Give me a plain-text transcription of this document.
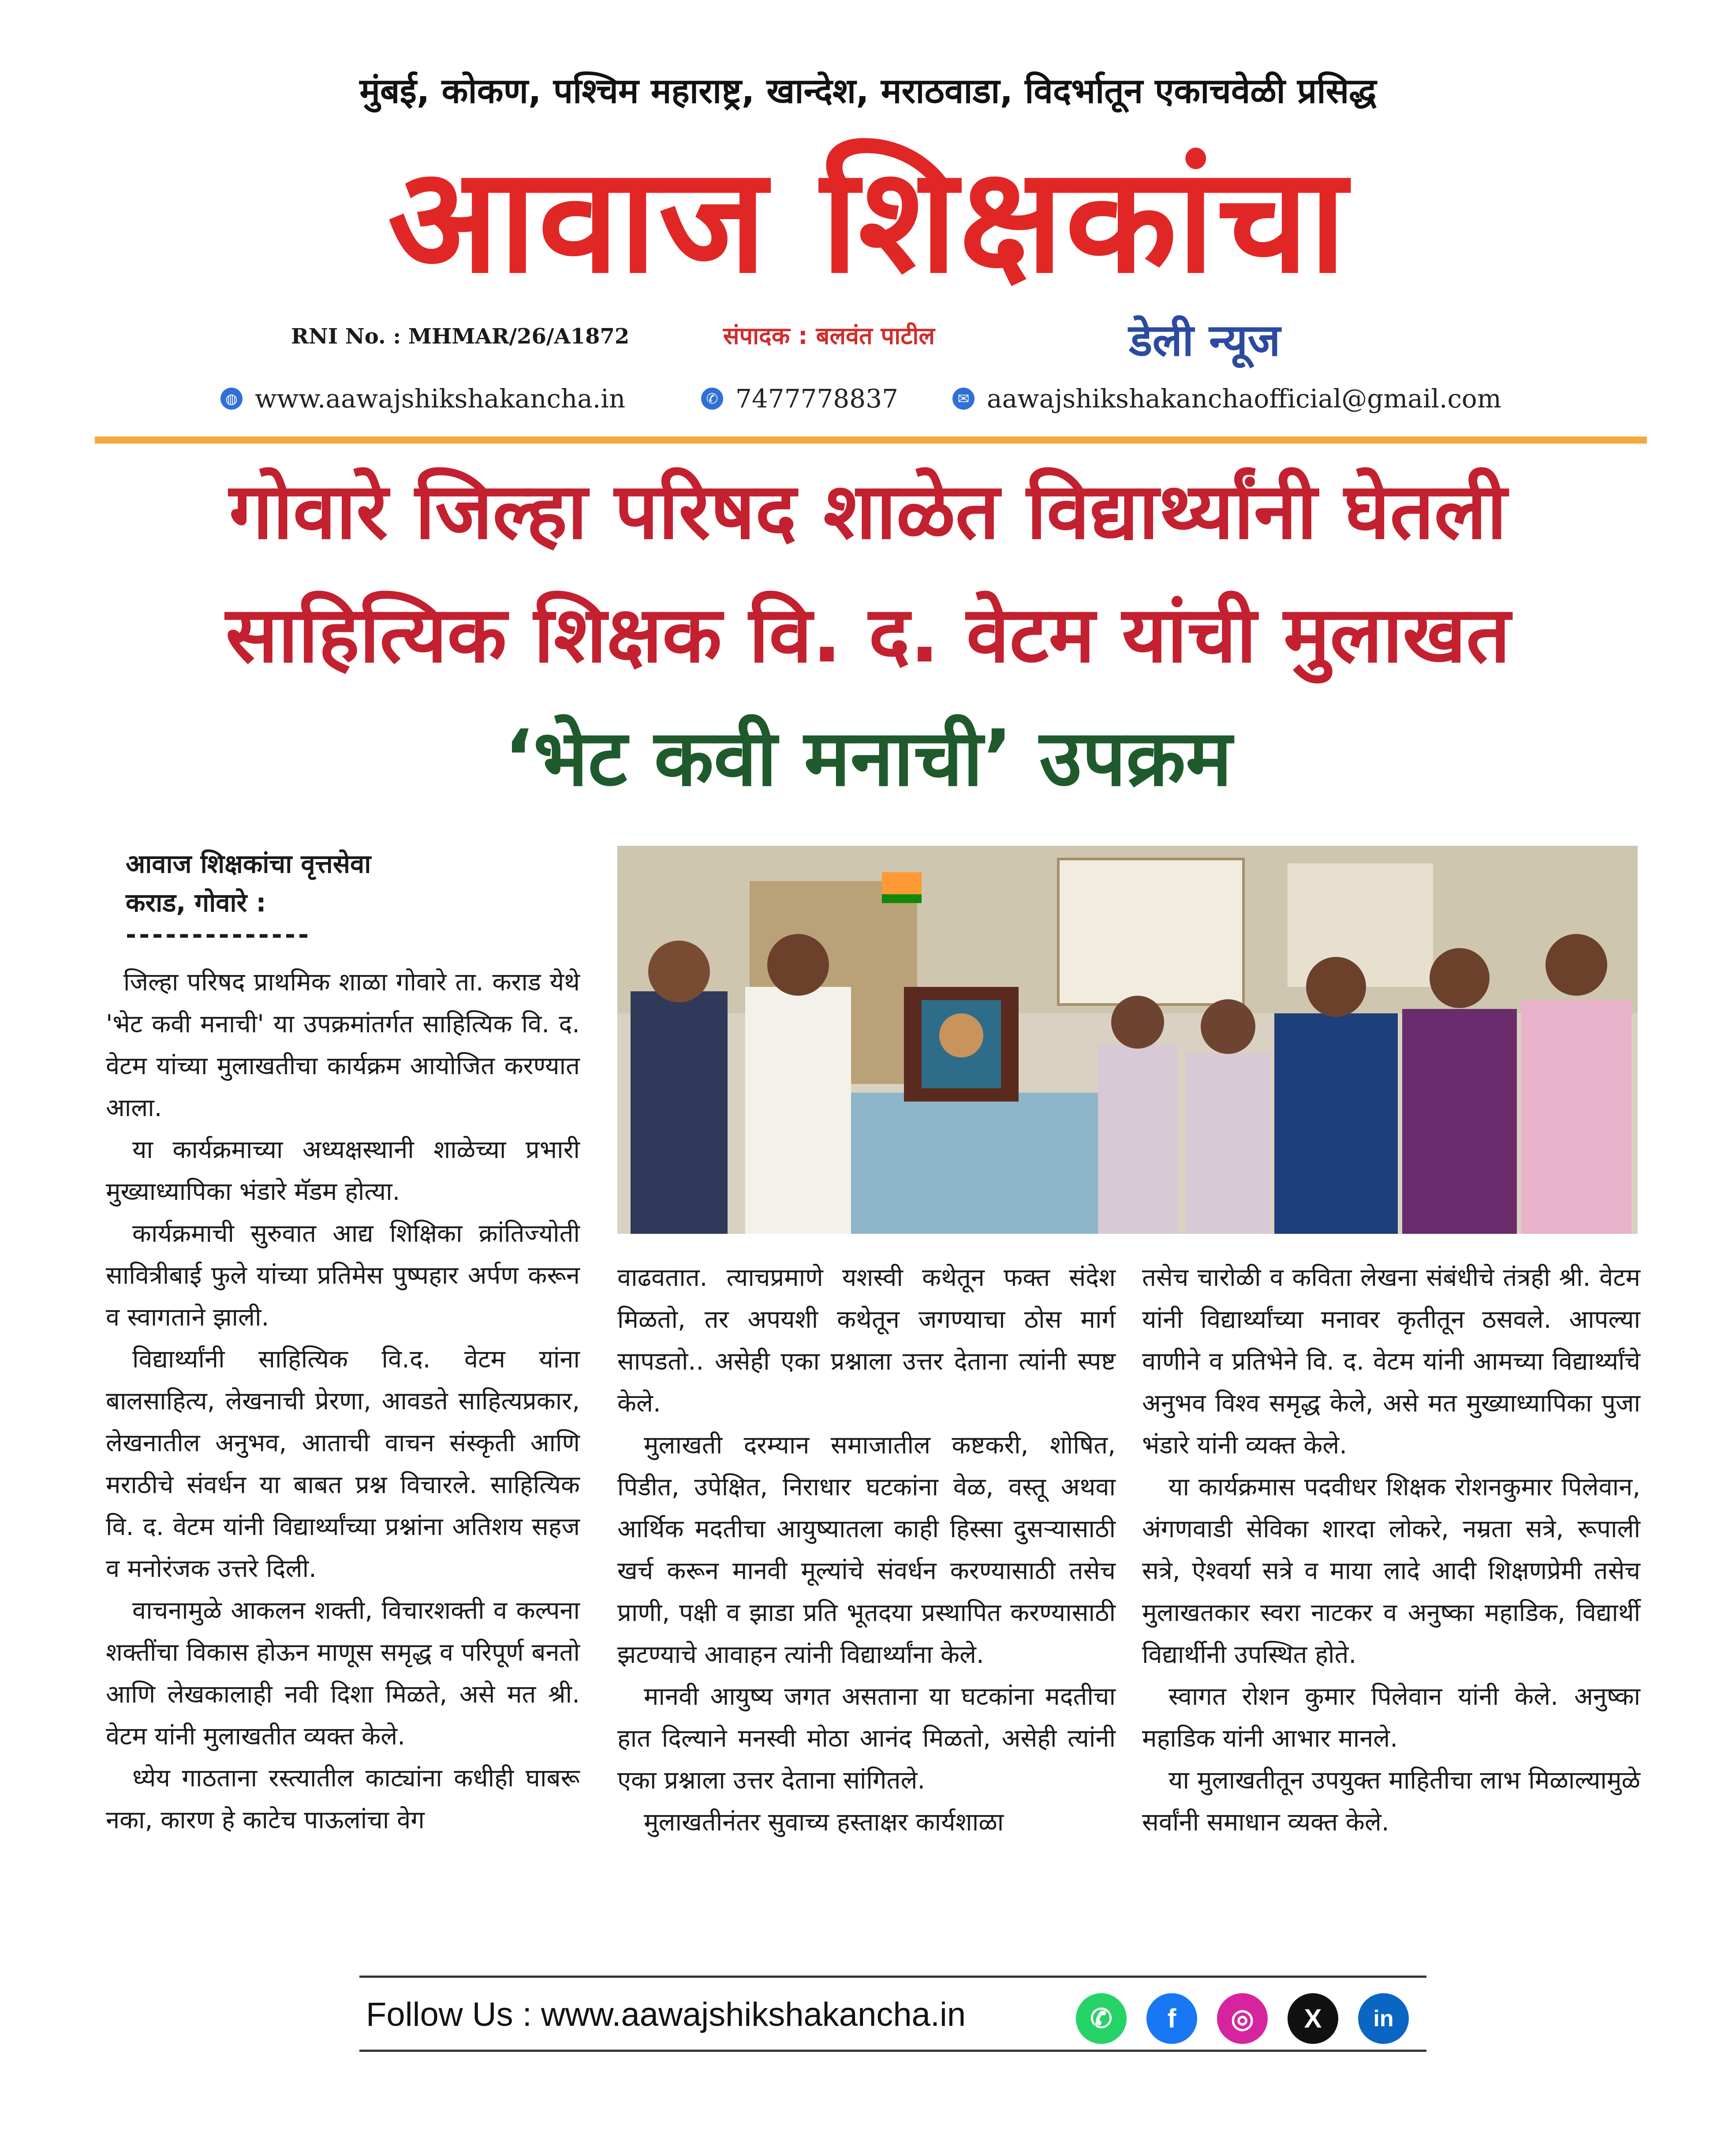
मुंबई, कोकण, पश्चिम महाराष्ट्र, खान्देश, मराठवाडा, विदर्भातून एकाचवेळी प्रसिद्ध
आवाज शिक्षकांचा
RNI No. : MHMAR/26/A1872	संपादक : बलवंत पाटील	डेली न्यूज
◍ www.aawajshikshakancha.in	✆ 7477778837	✉ aawajshikshakanchaofficial@gmail.com
गोवारे जिल्हा परिषद शाळेत विद्यार्थ्यांनी घेतली
साहित्यिक शिक्षक वि. द. वेटम यांची मुलाखत
‘भेट कवी मनाची’ उपक्रम
आवाज शिक्षकांचा वृत्तसेवा
कराड, गोवारे :
--------------

जिल्हा परिषद प्राथमिक शाळा गोवारे ता. कराड येथे 'भेट कवी मनाची' या उपक्रमांतर्गत साहित्यिक वि. द. वेटम यांच्या मुलाखतीचा कार्यक्रम आयोजित करण्यात आला.

या कार्यक्रमाच्या अध्यक्षस्थानी शाळेच्या प्रभारी मुख्याध्यापिका भंडारे मॅडम होत्या.

कार्यक्रमाची सुरुवात आद्य शिक्षिका क्रांतिज्योती सावित्रीबाई फुले यांच्या प्रतिमेस पुष्पहार अर्पण करून व स्वागताने झाली.

विद्यार्थ्यांनी साहित्यिक वि.द. वेटम यांना बालसाहित्य, लेखनाची प्रेरणा, आवडते साहित्यप्रकार, लेखनातील अनुभव, आताची वाचन संस्कृती आणि मराठीचे संवर्धन या बाबत प्रश्न विचारले. साहित्यिक वि. द. वेटम यांनी विद्यार्थ्यांच्या प्रश्नांना अतिशय सहज व मनोरंजक उत्तरे दिली.

वाचनामुळे आकलन शक्ती, विचारशक्ती व कल्पना शक्तींचा विकास होऊन माणूस समृद्ध व परिपूर्ण बनतो आणि लेखकालाही नवी दिशा मिळते, असे मत श्री. वेटम यांनी मुलाखतीत व्यक्त केले.

ध्येय गाठताना रस्त्यातील काट्यांना कधीही घाबरू नका, कारण हे काटेच पाऊलांचा वेग

वाढवतात. त्याचप्रमाणे यशस्वी कथेतून फक्त संदेश मिळतो, तर अपयशी कथेतून जगण्याचा ठोस मार्ग सापडतो.. असेही एका प्रश्नाला उत्तर देताना त्यांनी स्पष्ट केले.

मुलाखती दरम्यान समाजातील कष्टकरी, शोषित, पिडीत, उपेक्षित, निराधार घटकांना वेळ, वस्तू अथवा आर्थिक मदतीचा आयुष्यातला काही हिस्सा दुसऱ्यासाठी खर्च करून मानवी मूल्यांचे संवर्धन करण्यासाठी तसेच प्राणी, पक्षी व झाडा प्रति भूतदया प्रस्थापित करण्यासाठी झटण्याचे आवाहन त्यांनी विद्यार्थ्यांना केले.

मानवी आयुष्य जगत असताना या घटकांना मदतीचा हात दिल्याने मनस्वी मोठा आनंद मिळतो, असेही त्यांनी एका प्रश्नाला उत्तर देताना सांगितले.

मुलाखतीनंतर सुवाच्य हस्ताक्षर कार्यशाळा

तसेच चारोळी व कविता लेखना संबंधीचे तंत्रही श्री. वेटम यांनी विद्यार्थ्यांच्या मनावर कृतीतून ठसवले. आपल्या वाणीने व प्रतिभेने वि. द. वेटम यांनी आमच्या विद्यार्थ्यांचे अनुभव विश्व समृद्ध केले, असे मत मुख्याध्यापिका पुजा भंडारे यांनी व्यक्त केले.

या कार्यक्रमास पदवीधर शिक्षक रोशनकुमार पिलेवान, अंगणवाडी सेविका शारदा लोकरे, नम्रता सत्रे, रूपाली सत्रे, ऐश्वर्या सत्रे व माया लादे आदी शिक्षणप्रेमी तसेच मुलाखतकार स्वरा नाटकर व अनुष्का महाडिक, विद्यार्थी विद्यार्थीनी उपस्थित होते.

स्वागत रोशन कुमार पिलेवान यांनी केले. अनुष्का महाडिक यांनी आभार मानले.

या मुलाखतीतून उपयुक्त माहितीचा लाभ मिळाल्यामुळे सर्वांनी समाधान व्यक्त केले.

Follow Us : www.aawajshikshakancha.in	✆	f	◎	X	in
